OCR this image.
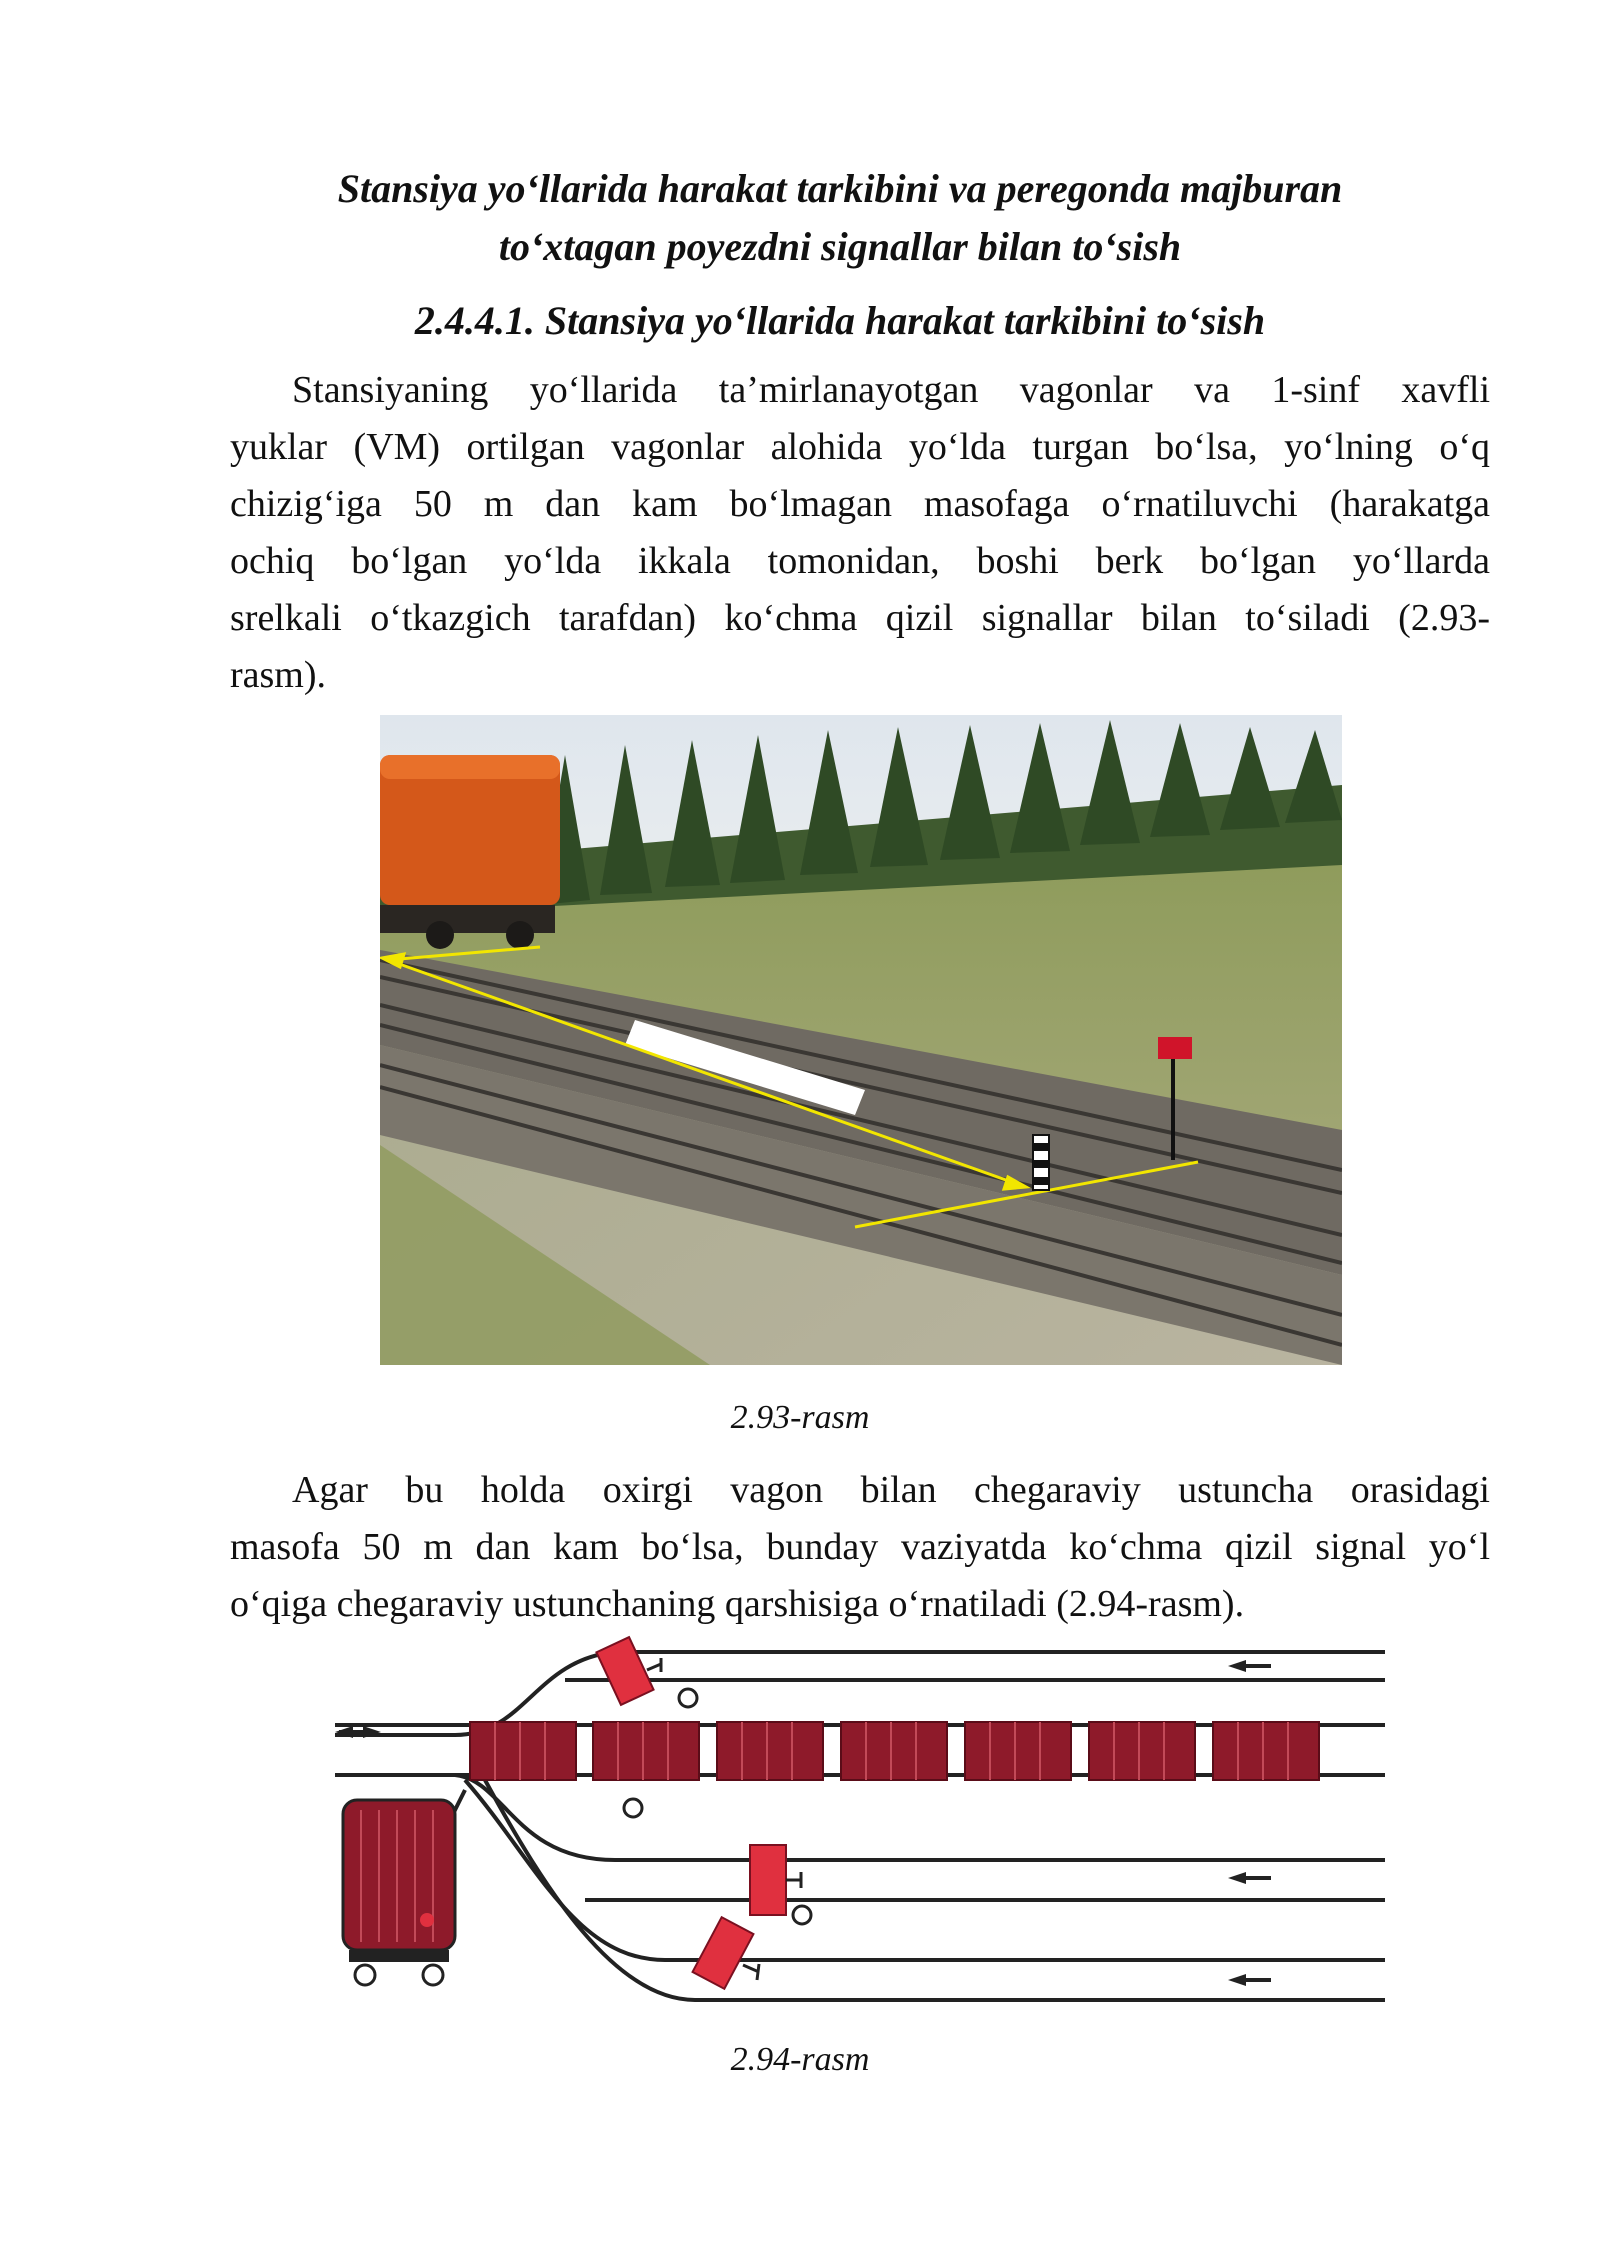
Stansiya yo‘llarida harakat tarkibini va peregonda majburan
to‘xtagan poyezdni signallar bilan to‘sish
2.4.4.1. Stansiya yo‘llarida harakat tarkibini to‘sish
Stansiyaning yo‘llarida ta’mirlanayotgan vagonlar va 1-sinf xavfli
yuklar (VM) ortilgan vagonlar alohida yo‘lda turgan bo‘lsa, yo‘lning o‘q
chizig‘iga 50 m dan kam bo‘lmagan masofaga o‘rnatiluvchi (harakatga
ochiq bo‘lgan yo‘lda ikkala tomonidan, boshi berk bo‘lgan yo‘llarda
srelkali o‘tkazgich tarafdan) ko‘chma qizil signallar bilan to‘siladi (2.93-
rasm).
2.93-rasm
Agar bu holda oxirgi vagon bilan chegaraviy ustuncha orasidagi
masofa 50 m dan kam bo‘lsa, bunday vaziyatda ko‘chma qizil signal yo‘l
o‘qiga chegaraviy ustunchaning qarshisiga o‘rnatiladi (2.94-rasm).
2.94-rasm
